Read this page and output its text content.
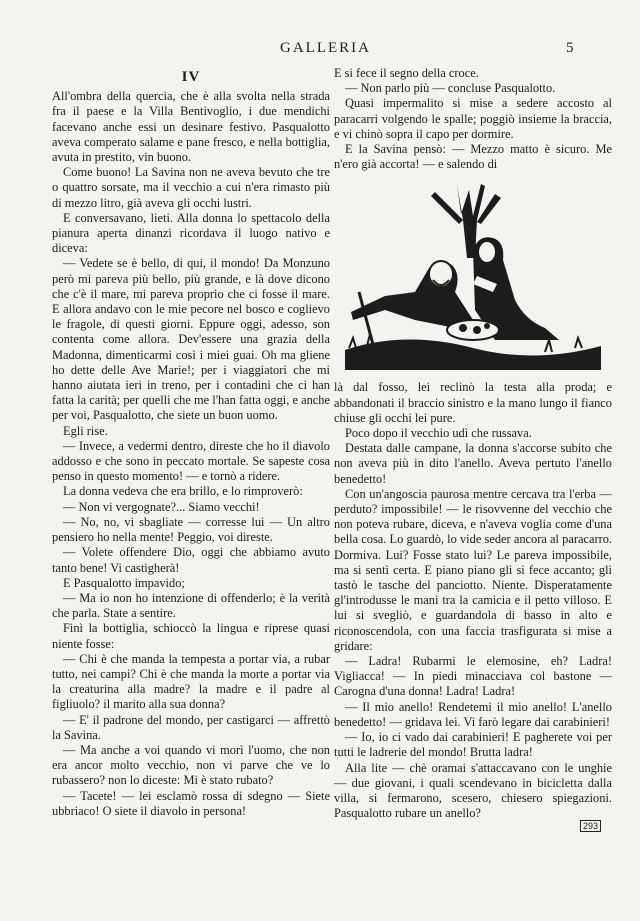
GALLERIA	5
IV

All'ombra della quercia, che è alla svolta nella strada fra il paese e la Villa Bentivoglio, i due mendichi facevano anche essi un desinare festivo. Pasqualotto aveva comperato salame e pane fresco, e nella bottiglia, avuta in prestito, vin buono.

Come buono! La Savina non ne aveva bevuto che tre o quattro sorsate, ma il vecchio a cui n'era rimasto più di mezzo litro, già aveva gli occhi lustri.

E conversavano, lieti. Alla donna lo spettacolo della pianura aperta dinanzi ricordava il luogo nativo e diceva:

— Vedete se è bello, di qui, il mondo! Da Monzuno però mi pareva più bello, più grande, e là dove dicono che c'è il mare, mi pareva proprio che ci fosse il mare. E allora andavo con le mie pecore nel bosco e coglievo le fragole, di questi giorni. Eppure oggi, adesso, son contenta come allora. Dev'essere una grazia della Madonna, dimenticarmi così i miei guai. Oh ma gliene ho dette delle Ave Marie!; per i viaggiatori che mi hanno aiutata ieri in treno, per i contadini che ci han fatta la carità; per quelli che me l'han fatta oggi, e anche per voi, Pasqualotto, che siete un buon uomo.

Egli rise.

— Invece, a vedermi dentro, direste che ho il diavolo addosso e che sono in peccato mortale. Se sapeste cosa penso in questo momento! — e tornò a ridere.

La donna vedeva che era brillo, e lo rimproverò:

— Non vi vergognate?... Siamo vecchi!

— No, no, vi sbagliate — corresse lui — Un altro pensiero ho nella mente! Peggio, voi direste.

— Volete offendere Dio, oggi che abbiamo avuto tanto bene! Vi castigherà!

E Pasqualotto impavido;

— Ma io non ho intenzione di offenderlo; è la verità che parla. State a sentire.

Finì la bottiglia, schioccò la lingua e riprese quasi niente fosse:

— Chi è che manda la tempesta a portar via, a rubar tutto, nei campi? Chi è che manda la morte a portar via la creaturina alla madre? la madre e il padre al figliuolo? il marito alla sua donna?

— E' il padrone del mondo, per castigarci — affrettò la Savina.

— Ma anche a voi quando vi morì l'uomo, che non era ancor molto vecchio, non vi parve che ve lo rubassero? non lo diceste: Mi è stato rubato?

— Tacete! — lei esclamò rossa di sdegno — Siete ubbriaco! O siete il diavolo in persona!

E si fece il segno della croce.

— Non parlo più — concluse Pasqualotto.

Quasi impermalito si mise a sedere accosto al paracarri volgendo le spalle; poggiò insieme la braccia, e vi chinò sopra il capo per dormire.

E la Savina pensò: — Mezzo matto è sicuro. Me n'ero già accorta! — e salendo di

là dal fosso, lei reclinò la testa alla proda; e abbandonati il braccio sinistro e la mano lungo il fianco chiuse gli occhi lei pure.

Poco dopo il vecchio udì che russava.

Destata dalle campane, la donna s'accorse subito che non aveva più in dito l'anello. Aveva pertuto l'anello benedetto!

Con un'angoscia paurosa mentre cercava tra l'erba — perduto? impossibile! — le risovvenne del vecchio che non poteva rubare, diceva, e n'aveva voglia come d'una bella cosa. Lo guardò, lo vide seder ancora al paracarro. Dormiva. Lui? Fosse stato lui? Le pareva impossibile, ma si sentì certa. E piano piano gli si fece accanto; gli tastò le tasche del panciotto. Niente. Disperatamente gl'introdusse le mani tra la camicia e il petto villoso. E lui si svegliò, e guardandola di basso in alto e riconoscendola, con una faccia trasfigurata si mise a gridare:

— Ladra! Rubarmi le elemosine, eh? Ladra! Vigliacca! — In piedi minacciava col bastone — Carogna d'una donna! Ladra! Ladra!

— Il mio anello! Rendetemi il mio anello! L'anello benedetto! — gridava lei. Vi farò legare dai carabinieri!

— Io, io ci vado dai carabinieri! E pagherete voi per tutti le ladrerie del mondo! Brutta ladra!

Alla lite — chè oramai s'attaccavano con le unghie — due giovani, i quali scendevano in bicicletta dalla villa, si fermarono, scesero, chiesero spiegazioni. Pasqualotto rubare un anello?

293
